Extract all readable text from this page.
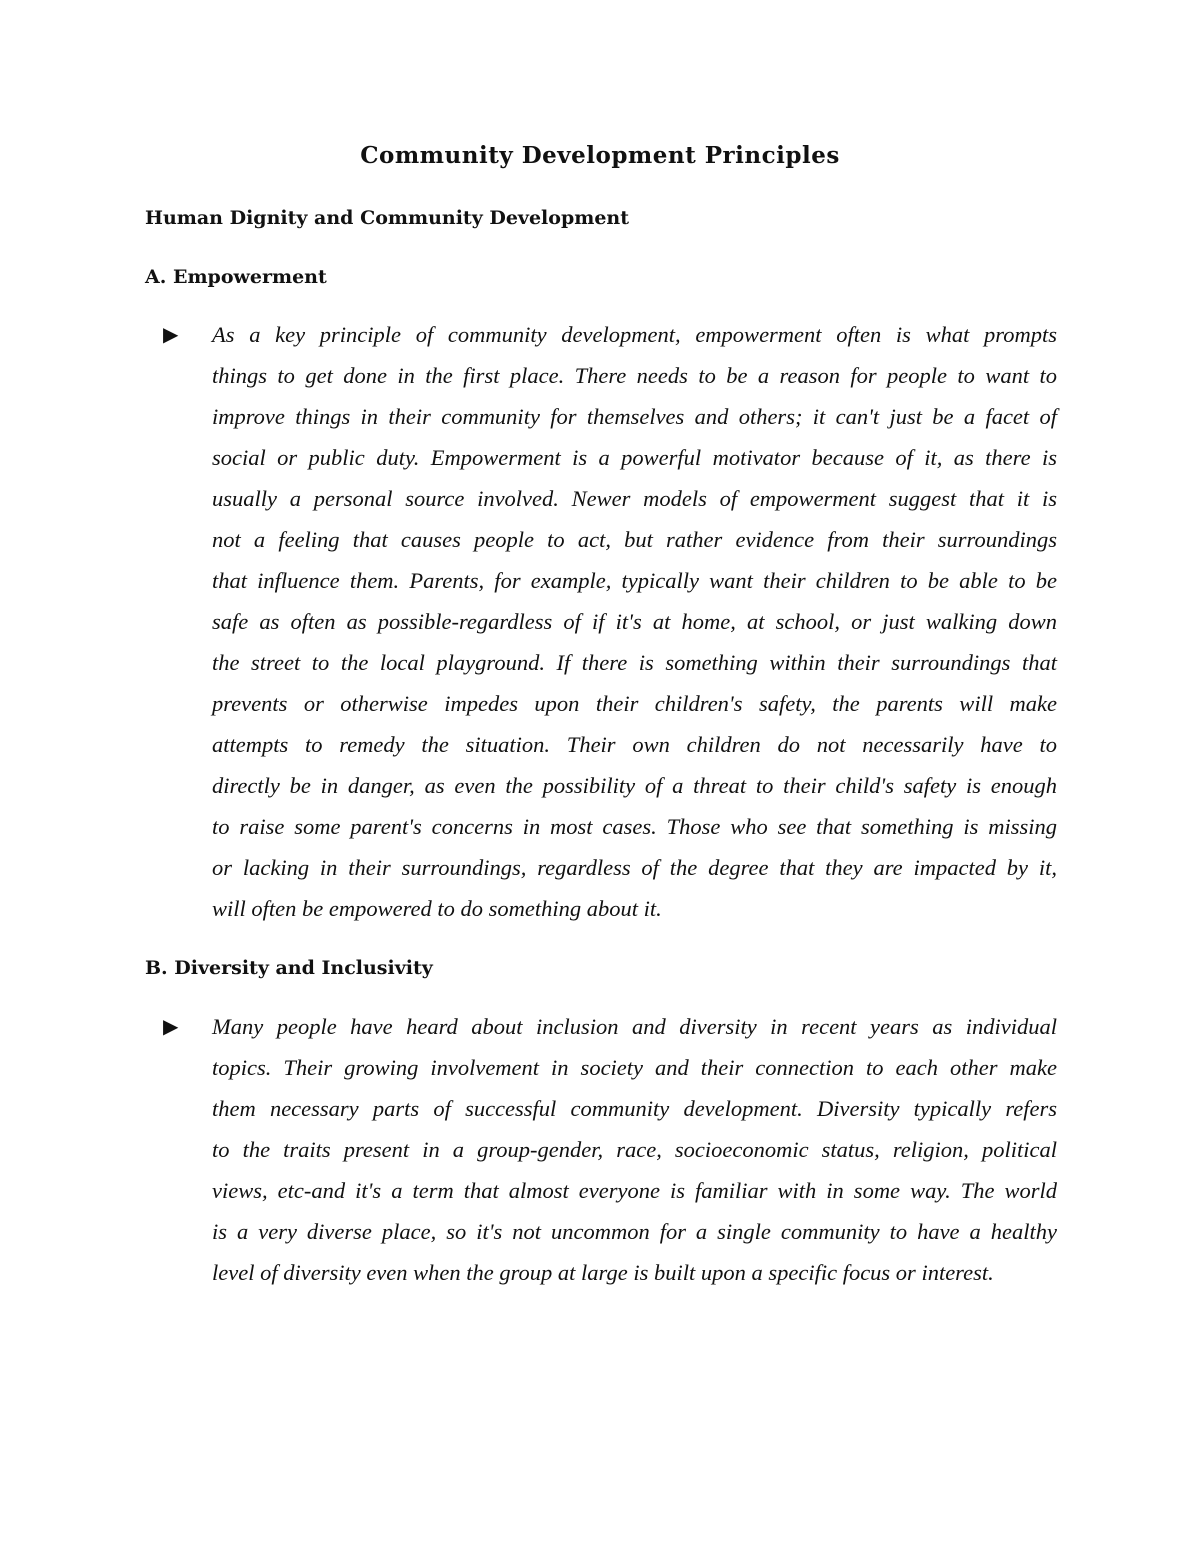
Community Development Principles
Human Dignity and Community Development
A. Empowerment
▶ As a key principle of community development, empowerment often is what prompts
things to get done in the first place. There needs to be a reason for people to want to
improve things in their community for themselves and others; it can't just be a facet of
social or public duty. Empowerment is a powerful motivator because of it, as there is
usually a personal source involved. Newer models of empowerment suggest that it is
not a feeling that causes people to act, but rather evidence from their surroundings
that influence them. Parents, for example, typically want their children to be able to be
safe as often as possible-regardless of if it's at home, at school, or just walking down
the street to the local playground. If there is something within their surroundings that
prevents or otherwise impedes upon their children's safety, the parents will make
attempts to remedy the situation. Their own children do not necessarily have to
directly be in danger, as even the possibility of a threat to their child's safety is enough
to raise some parent's concerns in most cases. Those who see that something is missing
or lacking in their surroundings, regardless of the degree that they are impacted by it,
will often be empowered to do something about it.
B. Diversity and Inclusivity
▶ Many people have heard about inclusion and diversity in recent years as individual
topics. Their growing involvement in society and their connection to each other make
them necessary parts of successful community development. Diversity typically refers
to the traits present in a group-gender, race, socioeconomic status, religion, political
views, etc-and it's a term that almost everyone is familiar with in some way. The world
is a very diverse place, so it's not uncommon for a single community to have a healthy
level of diversity even when the group at large is built upon a specific focus or interest.
